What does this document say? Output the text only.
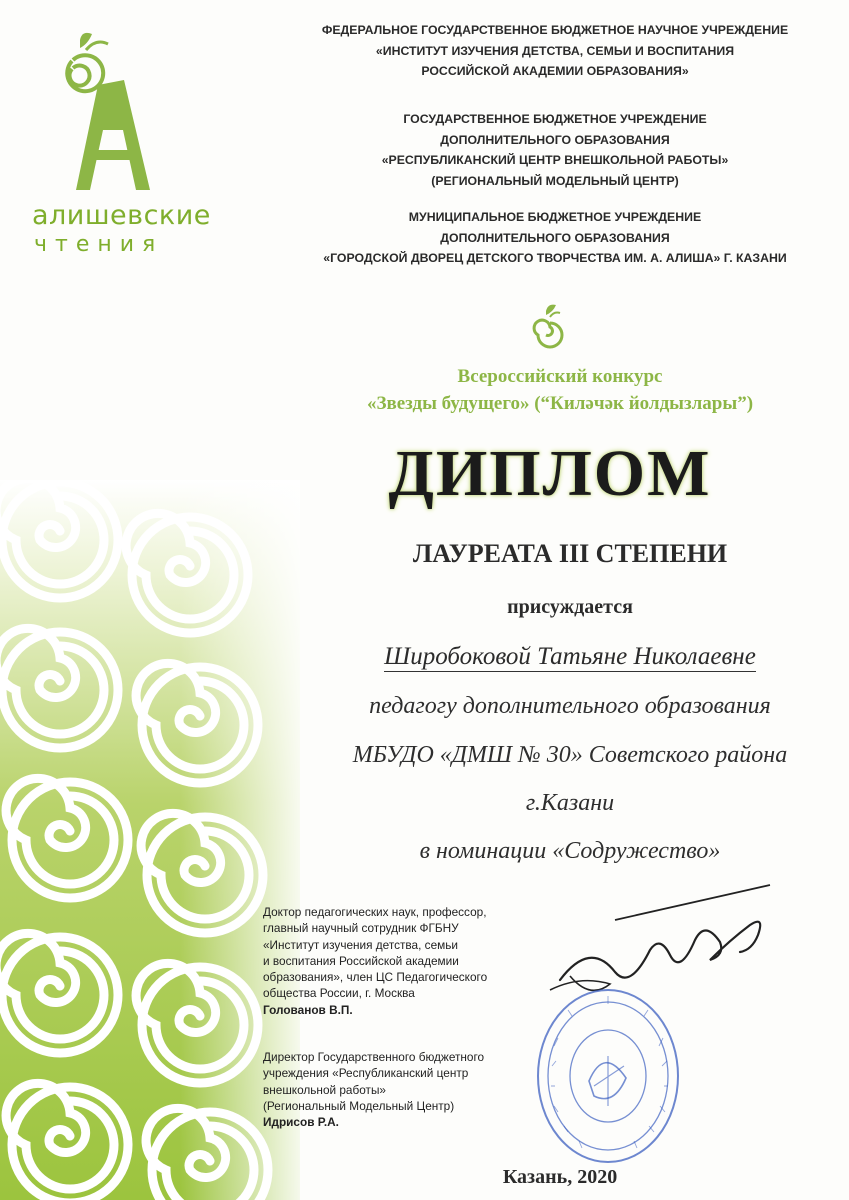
алишевские
чтения
ФЕДЕРАЛЬНОЕ ГОСУДАРСТВЕННОЕ БЮДЖЕТНОЕ НАУЧНОЕ УЧРЕЖДЕНИЕ
«ИНСТИТУТ ИЗУЧЕНИЯ ДЕТСТВА, СЕМЬИ И ВОСПИТАНИЯ
РОССИЙСКОЙ АКАДЕМИИ ОБРАЗОВАНИЯ»
ГОСУДАРСТВЕННОЕ БЮДЖЕТНОЕ УЧРЕЖДЕНИЕ
ДОПОЛНИТЕЛЬНОГО ОБРАЗОВАНИЯ
«РЕСПУБЛИКАНСКИЙ ЦЕНТР ВНЕШКОЛЬНОЙ РАБОТЫ»
(РЕГИОНАЛЬНЫЙ МОДЕЛЬНЫЙ ЦЕНТР)
МУНИЦИПАЛЬНОЕ БЮДЖЕТНОЕ УЧРЕЖДЕНИЕ
ДОПОЛНИТЕЛЬНОГО ОБРАЗОВАНИЯ
«ГОРОДСКОЙ ДВОРЕЦ ДЕТСКОГО ТВОРЧЕСТВА ИМ. А. АЛИША» Г. КАЗАНИ
Всероссийский конкурс
«Звезды будущего» (“Киләчәк йолдызлары”)
ДИПЛОМ
ЛАУРЕАТА III СТЕПЕНИ
присуждается
Широбоковой Татьяне Николаевне
педагогу дополнительного образования
МБУДО «ДМШ № 30» Советского района
г.Казани
в номинации «Содружество»
Доктор педагогических наук, профессор,
главный научный сотрудник ФГБНУ
«Институт изучения детства, семьи
и воспитания Российской академии
образования», член ЦС Педагогического
общества России, г. Москва
Голованов В.П.
Директор Государственного бюджетного
учреждения «Республиканский центр
внешкольной работы»
(Региональный Модельный Центр)
Идрисов Р.А.
Казань, 2020
